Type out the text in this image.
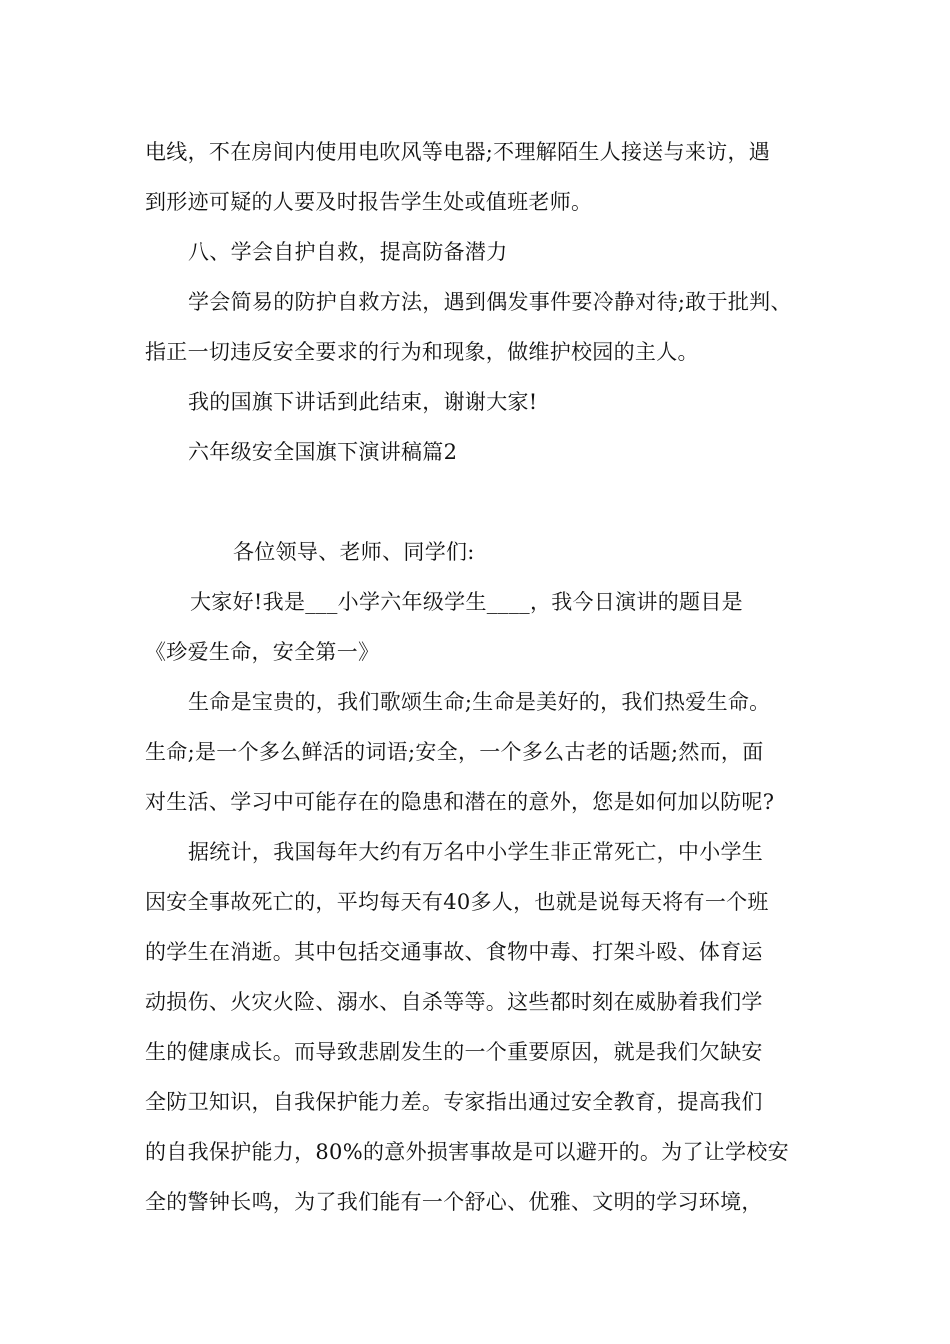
电线，不在房间内使用电吹风等电器;不理解陌生人接送与来访，遇
到形迹可疑的人要及时报告学生处或值班老师。
八、学会自护自救，提高防备潜力
学会简易的防护自救方法，遇到偶发事件要冷静对待;敢于批判、
指正一切违反安全要求的行为和现象，做维护校园的主人。
我的国旗下讲话到此结束，谢谢大家!
六年级安全国旗下演讲稿篇2
各位领导、老师、同学们:
大家好!我是___小学六年级学生____，我今日演讲的题目是
《珍爱生命，安全第一》
生命是宝贵的，我们歌颂生命;生命是美好的，我们热爱生命。
生命;是一个多么鲜活的词语;安全，一个多么古老的话题;然而，面
对生活、学习中可能存在的隐患和潜在的意外，您是如何加以防呢?
据统计，我国每年大约有万名中小学生非正常死亡，中小学生
因安全事故死亡的，平均每天有40多人，也就是说每天将有一个班
的学生在消逝。其中包括交通事故、食物中毒、打架斗殴、体育运
动损伤、火灾火险、溺水、自杀等等。这些都时刻在威胁着我们学
生的健康成长。而导致悲剧发生的一个重要原因，就是我们欠缺安
全防卫知识，自我保护能力差。专家指出通过安全教育，提高我们
的自我保护能力，80%的意外损害事故是可以避开的。为了让学校安
全的警钟长鸣，为了我们能有一个舒心、优雅、文明的学习环境，
